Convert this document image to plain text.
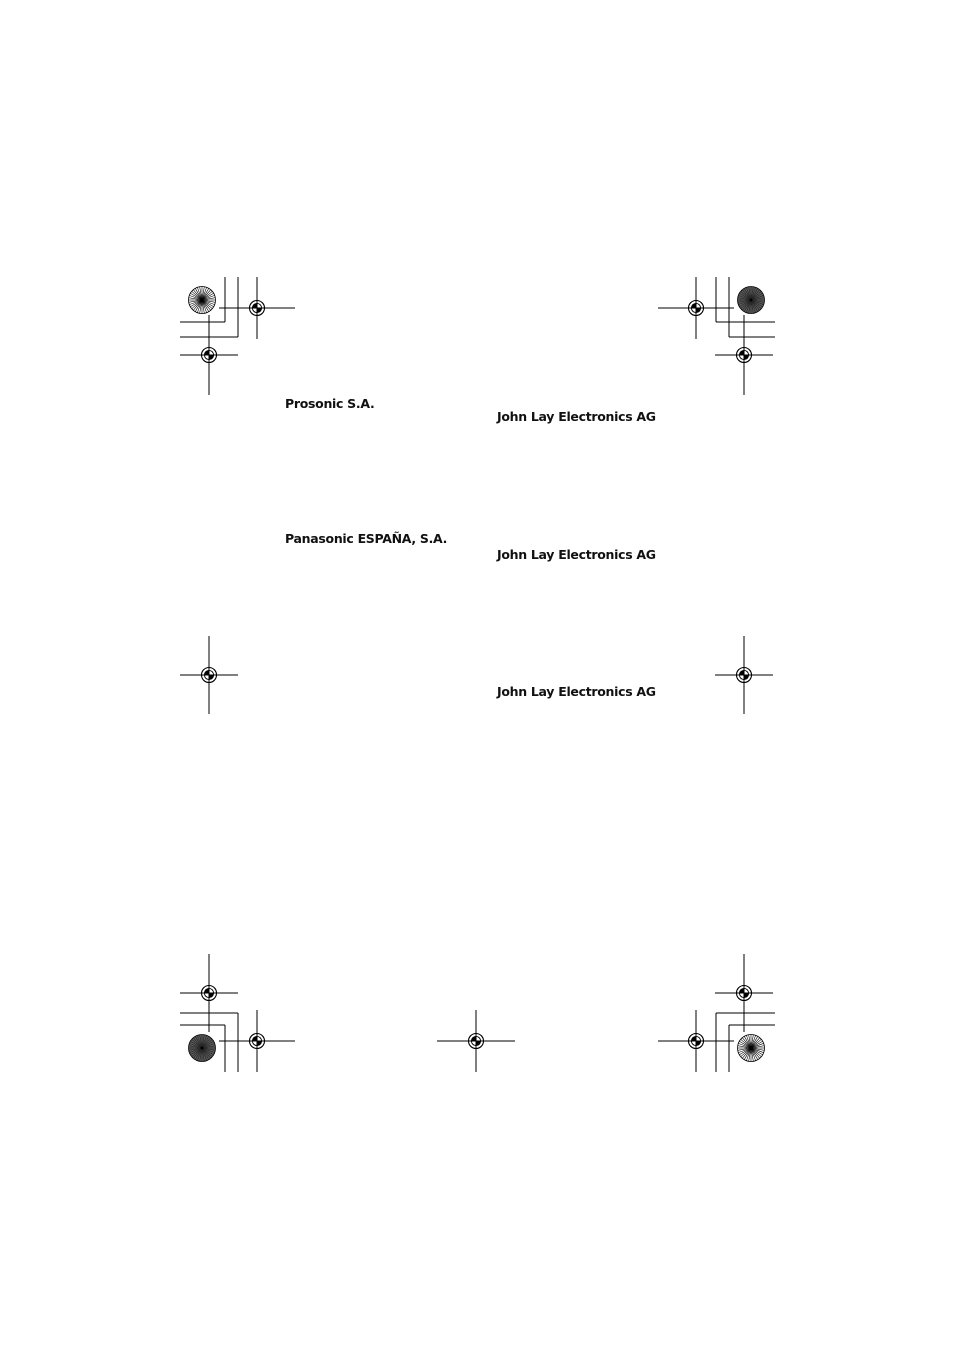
Prosonic S.A.
Panasonic ESPAÑA, S.A.
John Lay Electronics AG
John Lay Electronics AG
John Lay Electronics AG
